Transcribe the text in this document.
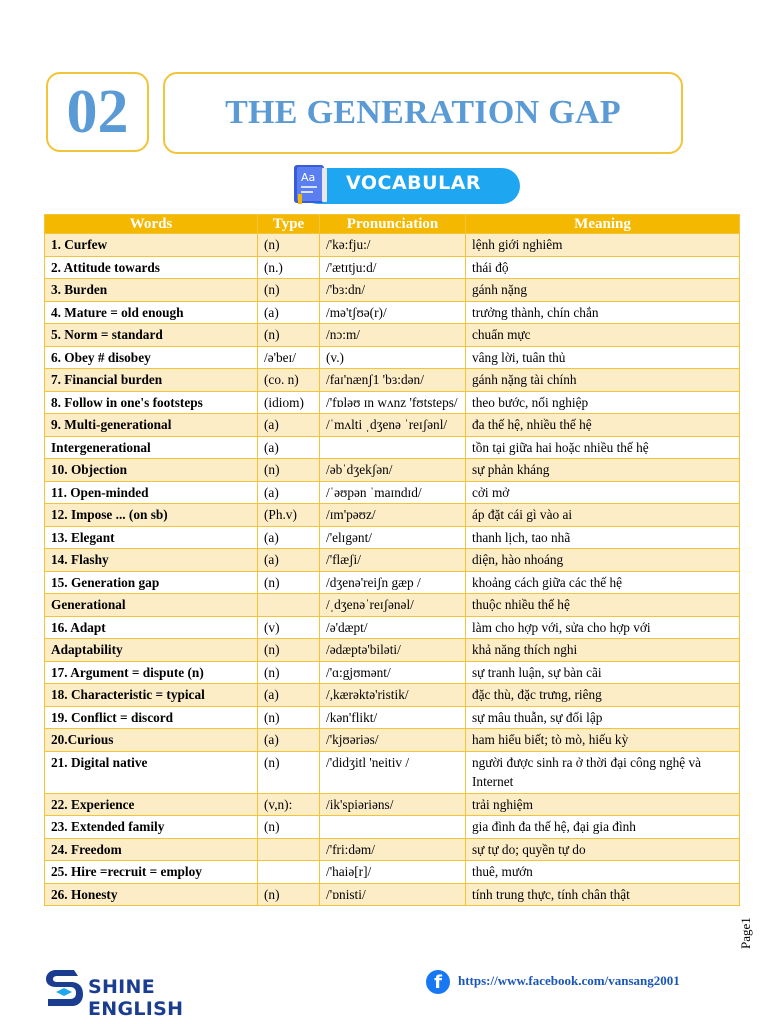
02	THE GENERATION GAP
Aa VOCABULAR
Words	Type	Pronunciation	Meaning
1. Curfew	(n)	/'kə:fju:/	lệnh giới nghiêm
2. Attitude towards	(n.)	/'ætɪtju:d/	thái độ
3. Burden	(n)	/'bɜ:dn/	gánh nặng
4. Mature = old enough	(a)	/mə'tʃʊə(r)/	trưởng thành, chín chắn
5. Norm = standard	(n)	/nɔ:m/	chuẩn mực
6. Obey # disobey	/ə'beɪ/	(v.)	vâng lời, tuân thủ
7. Financial burden	(co. n)	/faɪ'nænʃ1 'bɜ:dən/	gánh nặng tài chính
8. Follow in one's footsteps	(idiom)	/'fɒləʊ ɪn wʌnz 'fʊtsteps/	theo bước, nối nghiệp
9. Multi-generational	(a)	/ˈmʌlti ˌdʒenə ˈreɪʃənl/	đa thế hệ, nhiều thế hệ
Intergenerational	(a)		tồn tại giữa hai hoặc nhiều thế hệ
10. Objection	(n)	/əbˈdʒekʃən/	sự phản kháng
11. Open-minded	(a)	/ˈəʊpən ˈmaɪndɪd/	cởi mở
12. Impose ... (on sb)	(Ph.v)	/ɪm'pəʊz/	áp đặt cái gì vào ai
13. Elegant	(a)	/'elɪgənt/	thanh lịch, tao nhã
14. Flashy	(a)	/'flæʃi/	diện, hào nhoáng
15. Generation gap	(n)	/dʒenə'reiʃn gæp /	khoảng cách giữa các thế hệ
Generational		/ˌdʒenəˈreɪʃənəl/	thuộc nhiều thế hệ
16. Adapt	(v)	/ə'dæpt/	làm cho hợp với, sửa cho hợp với
Adaptability	(n)	/ədæptə'biləti/	khả năng thích nghi
17. Argument = dispute (n)	(n)	/'ɑ:gjʊmənt/	sự tranh luận, sự bàn cãi
18. Characteristic = typical	(a)	/,kærəktə'ristik/	đặc thù, đặc trưng, riêng
19. Conflict = discord	(n)	/kən'flikt/	sự mâu thuẫn, sự đối lập
20.Curious	(a)	/'kjʊəriəs/	ham hiểu biết; tò mò, hiếu kỳ
21. Digital native	(n)	/'didʒitl 'neitiv /	người được sinh ra ở thời đại công nghệ và Internet
22. Experience	(v,n):	/ik'spiəriəns/	trải nghiệm
23. Extended family	(n)		gia đình đa thế hệ, đại gia đình
24. Freedom		/'fri:dəm/	sự tự do; quyền tự do
25. Hire =recruit = employ		/'haiə[r]/	thuê, mướn
26. Honesty	(n)	/'ɒnisti/	tính trung thực, tính chân thật
Page1
SHINE ENGLISH
f	https://www.facebook.com/vansang2001
